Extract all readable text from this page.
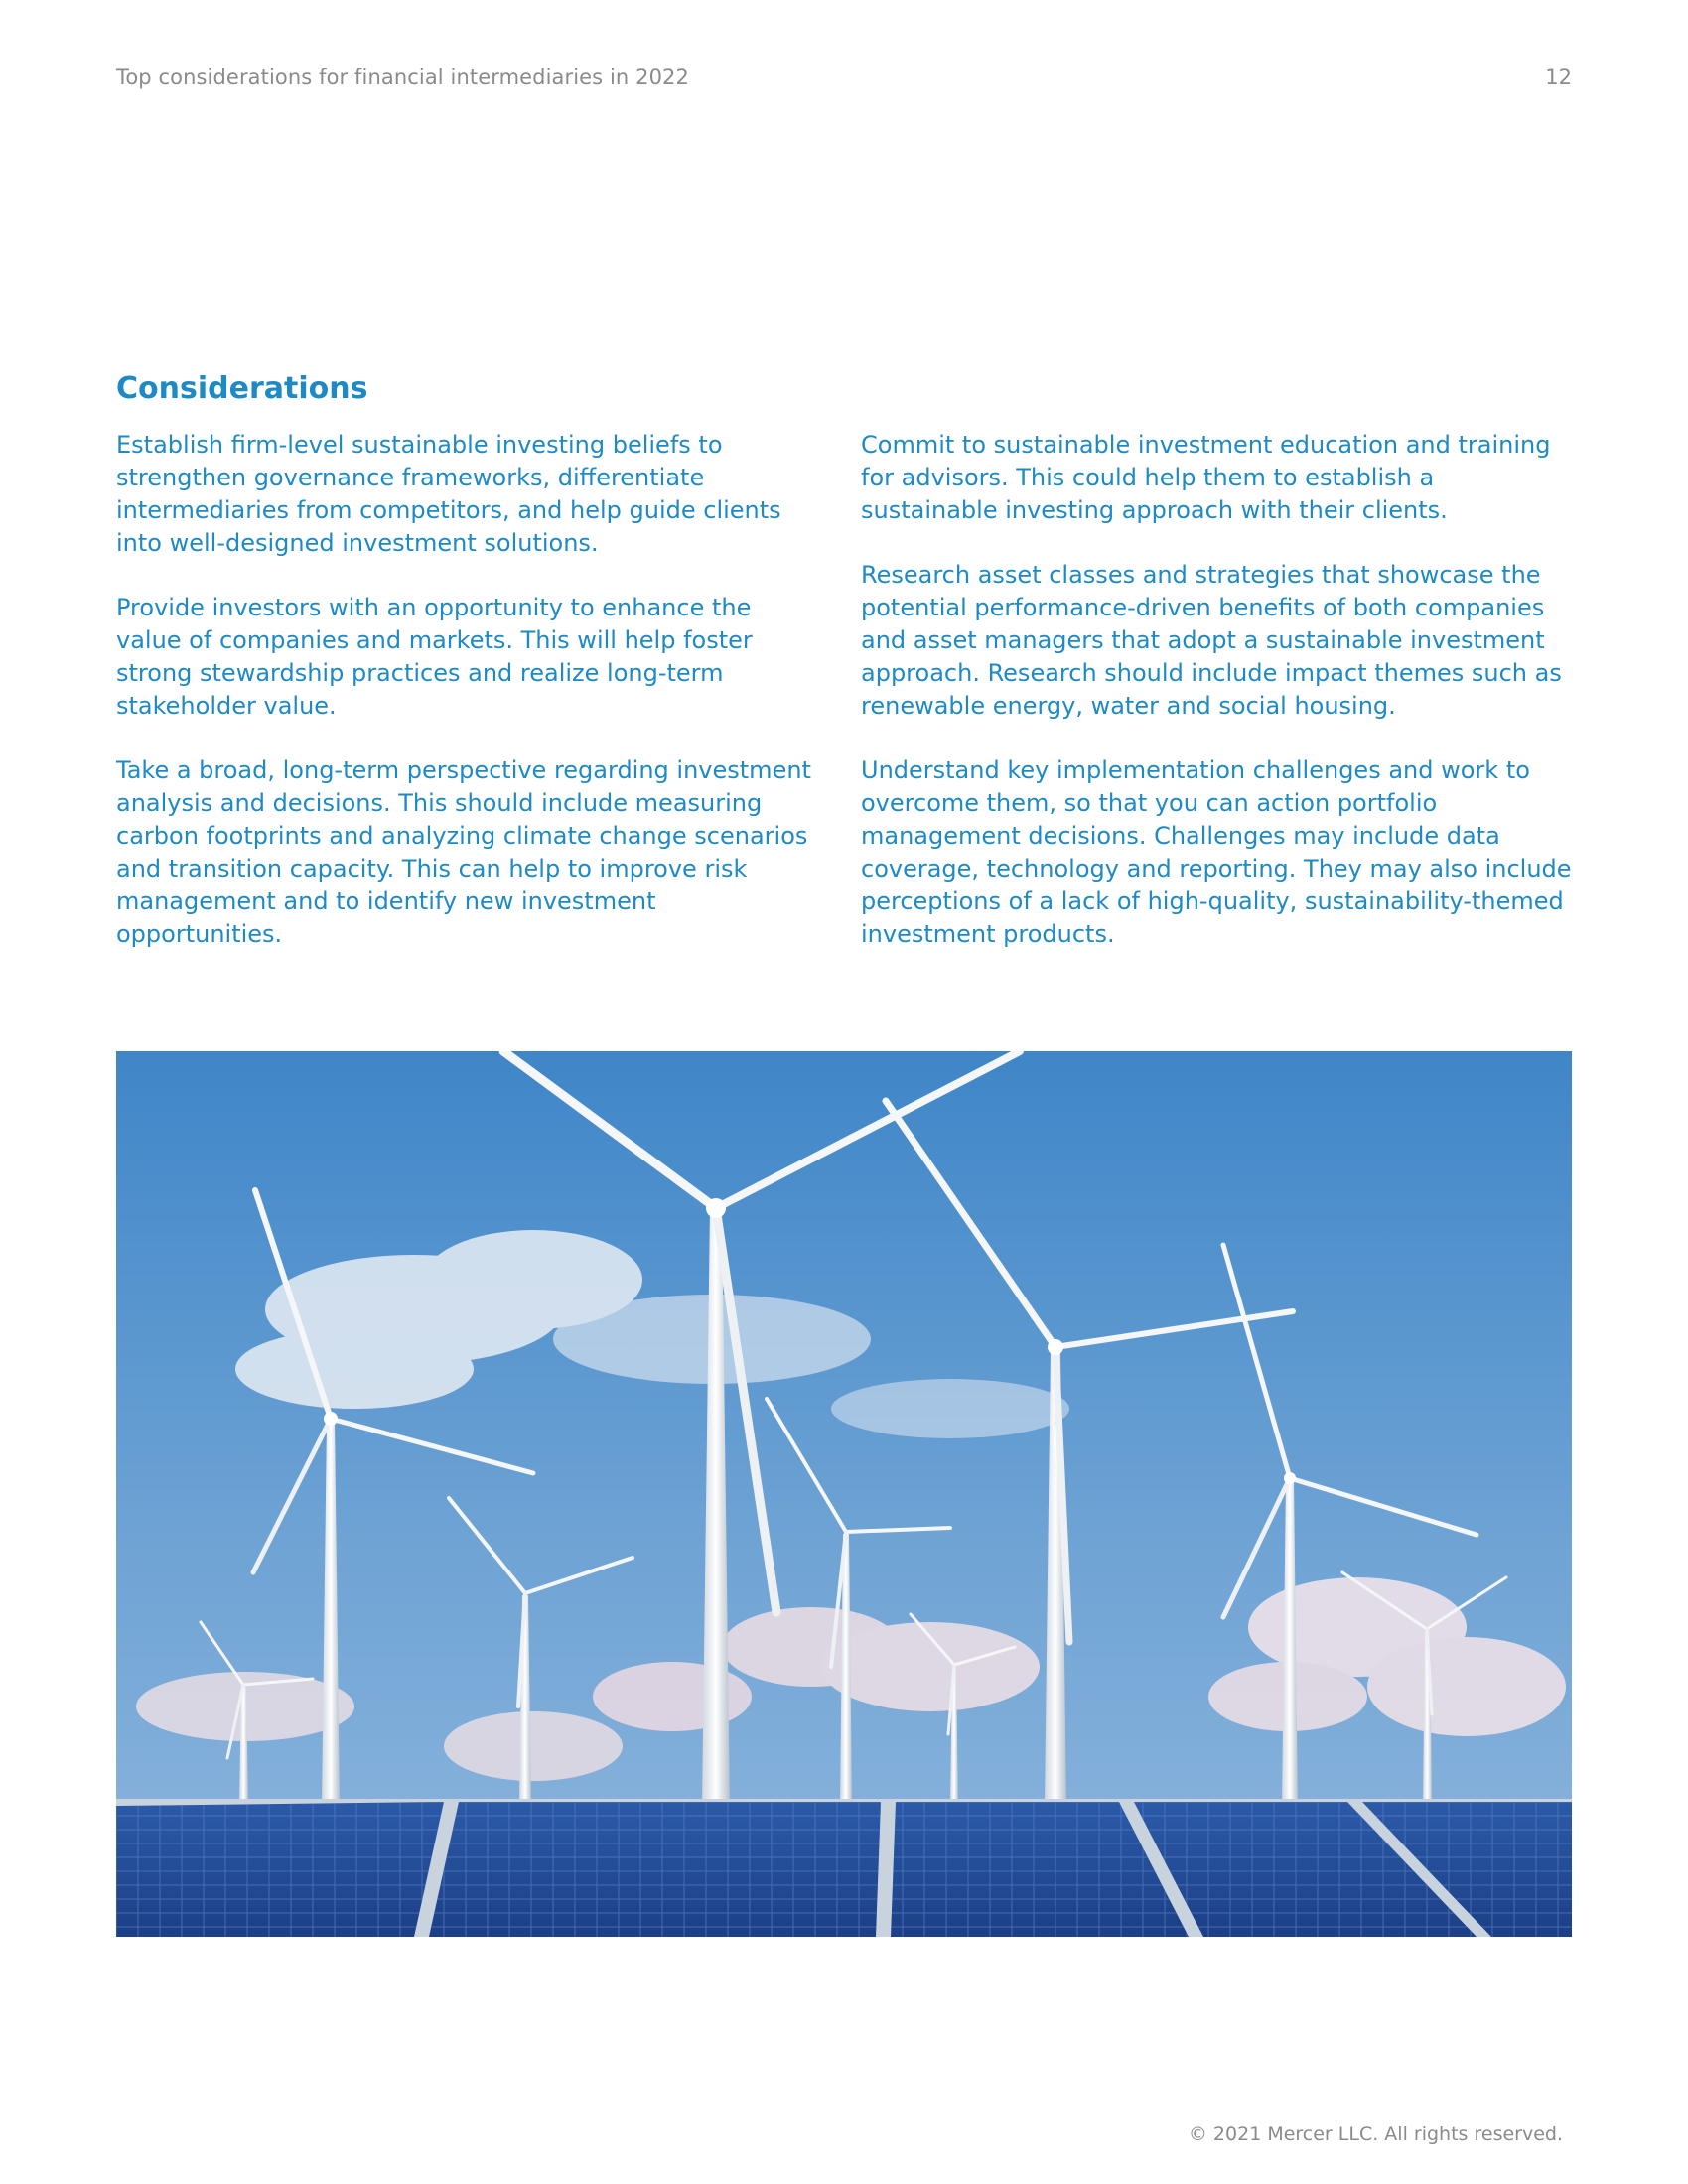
Top considerations for financial intermediaries in 2022	12
Considerations

Establish firm-level sustainable investing beliefs to strengthen governance frameworks, differentiate intermediaries from competitors, and help guide clients into well-designed investment solutions.

Provide investors with an opportunity to enhance the value of companies and markets. This will help foster strong stewardship practices and realize long-term stakeholder value.

Take a broad, long-term perspective regarding investment analysis and decisions. This should include measuring carbon footprints and analyzing climate change scenarios and transition capacity. This can help to improve risk management and to identify new investment opportunities.

Commit to sustainable investment education and training for advisors. This could help them to establish a sustainable investing approach with their clients.

Research asset classes and strategies that showcase the potential performance-driven benefits of both companies and asset managers that adopt a sustainable investment approach. Research should include impact themes such as renewable energy, water and social housing.

Understand key implementation challenges and work to overcome them, so that you can action portfolio management decisions. Challenges may include data coverage, technology and reporting. They may also include perceptions of a lack of high-quality, sustainability-themed investment products.

© 2021 Mercer LLC. All rights reserved.
